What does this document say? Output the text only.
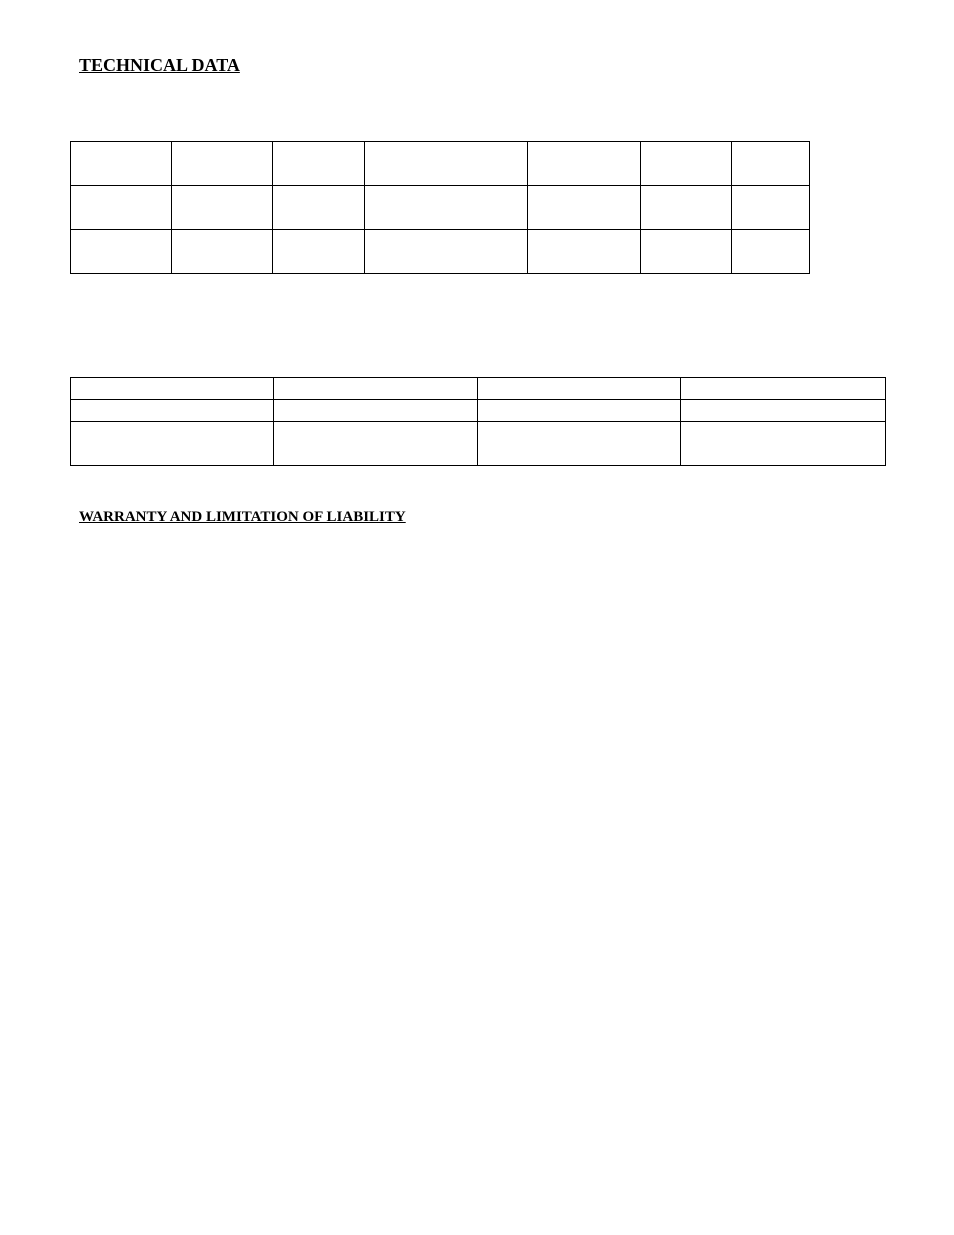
TECHNICAL DATA

WARRANTY AND LIMITATION OF LIABILITY
